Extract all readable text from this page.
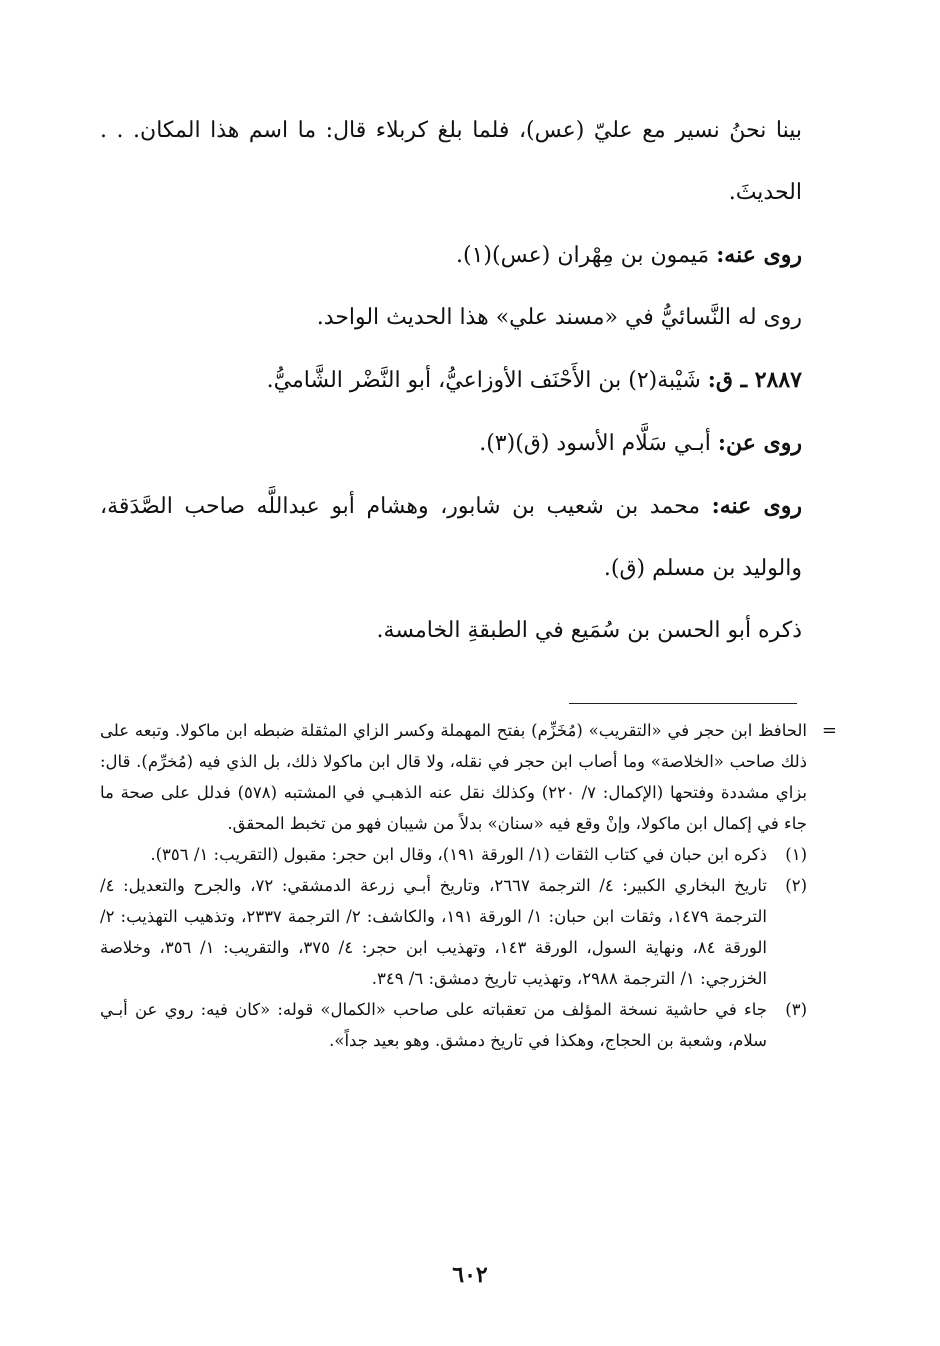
بينا نحنُ نسير مع عليّ (عس)، فلما بلغ كربلاء قال: ما اسم هذا المكان. . . الحديثَ.

روى عنه: مَيمون بن مِهْران (عس)(١).

روى له النَّسائيُّ في «مسند علي» هذا الحديث الواحد.

٢٨٨٧ ـ ق: شَيْبة(٢) بن الأَحْنَف الأوزاعيُّ، أبو النَّضْر الشَّاميُّ.

روى عن: أبـي سَلَّام الأسود (ق)(٣).

روى عنه: محمد بن شعيب بن شابور، وهشام أبو عبداللَّه صاحب الصَّدَقة، والوليد بن مسلم (ق).

ذكره أبو الحسن بن سُمَيع في الطبقةِ الخامسة.

=

الحافظ ابن حجر في «التقريب» (مُخَزِّم) بفتح المهملة وكسر الزاي المثقلة ضبطه ابن ماكولا. وتبعه على ذلك صاحب «الخلاصة» وما أصاب ابن حجر في نقله، ولا قال ابن ماكولا ذلك، بل الذي فيه (مُخرِّم). قال: بزاي مشددة وفتحها (الإكمال: ٧/ ٢٢٠) وكذلك نقل عنه الذهبـي في المشتبه (٥٧٨) فدلل على صحة ما جاء في إكمال ابن ماكولا، وإنْ وقع فيه «سنان» بدلاً من شيبان فهو من تخبط المحقق.

(١)
ذكره ابن حبان في كتاب الثقات (١/ الورقة ١٩١)، وقال ابن حجر: مقبول (التقريب: ١/ ٣٥٦).

(٢)
تاريخ البخاري الكبير: ٤/ الترجمة ٢٦٦٧، وتاريخ أبـي زرعة الدمشقي: ٧٢، والجرح والتعديل: ٤/ الترجمة ١٤٧٩، وثقات ابن حبان: ١/ الورقة ١٩١، والكاشف: ٢/ الترجمة ٢٣٣٧، وتذهيب التهذيب: ٢/ الورقة ٨٤، ونهاية السول، الورقة ١٤٣، وتهذيب ابن حجر: ٤/ ٣٧٥، والتقريب: ١/ ٣٥٦، وخلاصة الخزرجي: ١/ الترجمة ٢٩٨٨، وتهذيب تاريخ دمشق: ٦/ ٣٤٩.

(٣)
جاء في حاشية نسخة المؤلف من تعقباته على صاحب «الكمال» قوله: «كان فيه: روي عن أبـي سلام، وشعبة بن الحجاج، وهكذا في تاريخ دمشق. وهو بعيد جداً».

٦٠٢
